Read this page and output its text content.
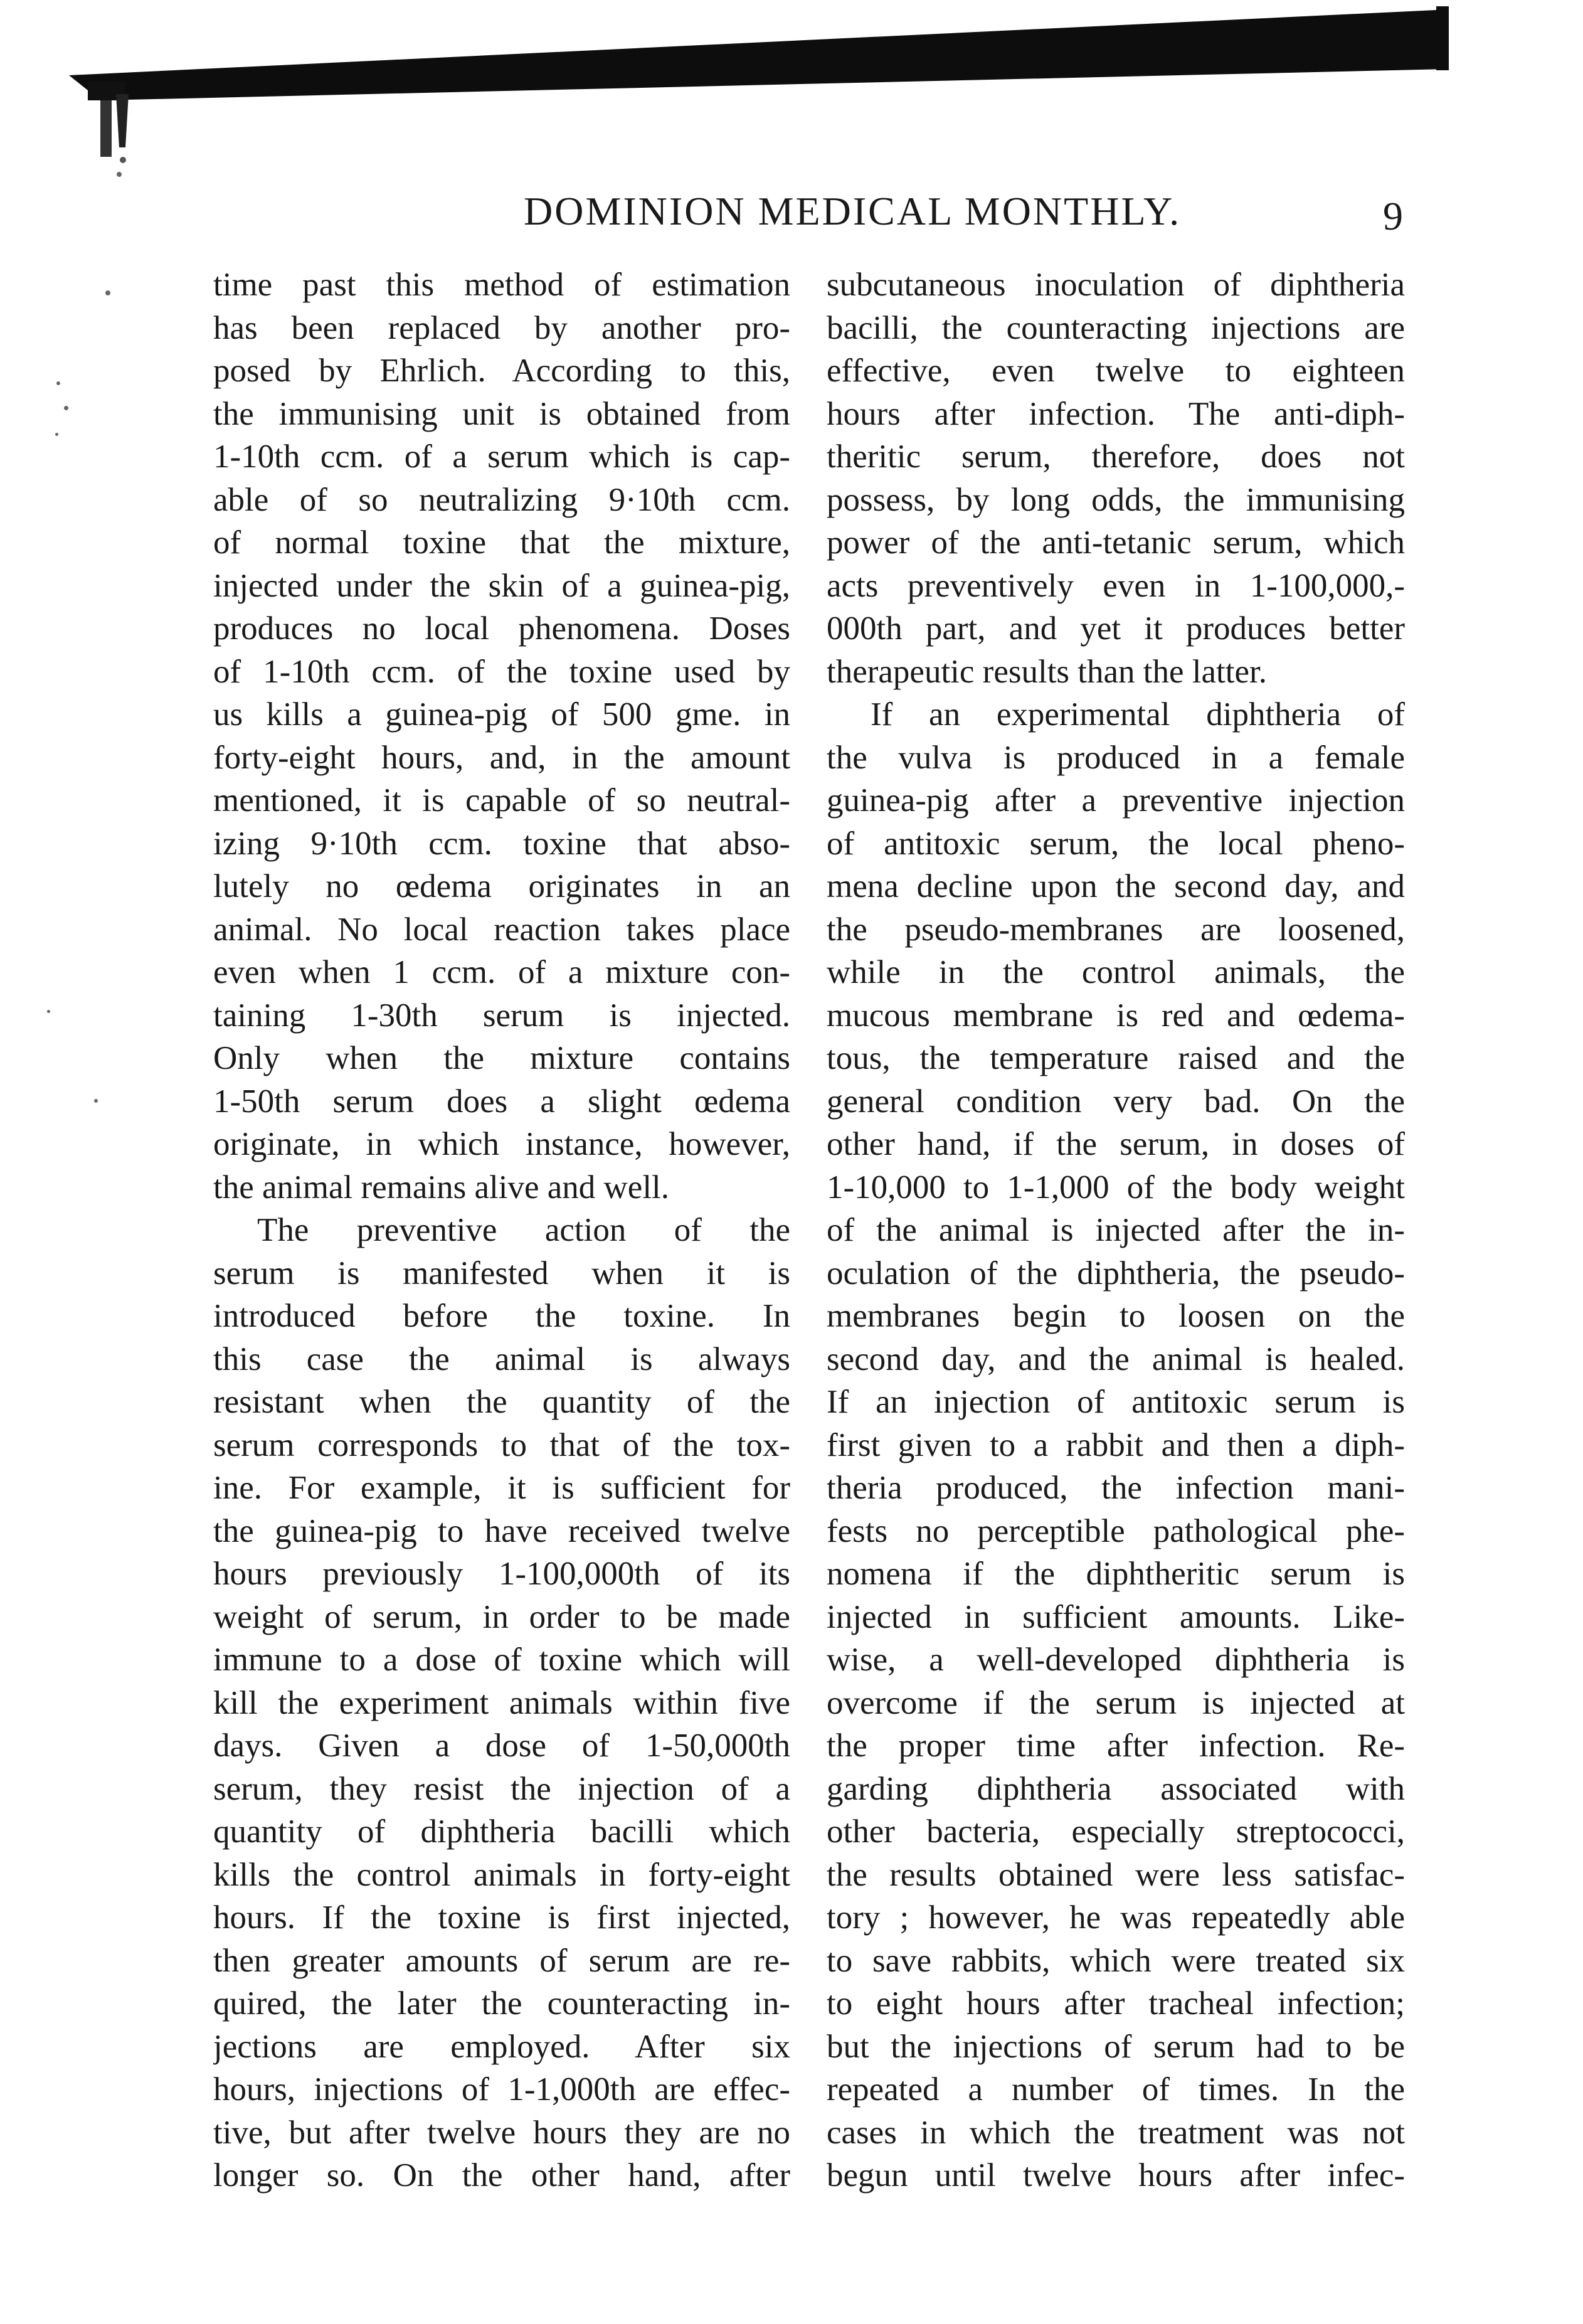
DOMINION MEDICAL MONTHLY.	9
time past this method of estimation
has been replaced by another pro-
posed by Ehrlich. According to this,
the immunising unit is obtained from
1-10th ccm. of a serum which is cap-
able of so neutralizing 9·10th ccm.
of normal toxine that the mixture,
injected under the skin of a guinea-pig,
produces no local phenomena. Doses
of 1-10th ccm. of the toxine used by
us kills a guinea-pig of 500 gme. in
forty-eight hours, and, in the amount
mentioned, it is capable of so neutral-
izing 9·10th ccm. toxine that abso-
lutely no œdema originates in an
animal. No local reaction takes place
even when 1 ccm. of a mixture con-
taining 1-30th serum is injected.
Only when the mixture contains
1-50th serum does a slight œdema
originate, in which instance, however,
the animal remains alive and well.
The preventive action of the
serum is manifested when it is
introduced before the toxine. In
this case the animal is always
resistant when the quantity of the
serum corresponds to that of the tox-
ine. For example, it is sufficient for
the guinea-pig to have received twelve
hours previously 1-100,000th of its
weight of serum, in order to be made
immune to a dose of toxine which will
kill the experiment animals within five
days. Given a dose of 1-50,000th
serum, they resist the injection of a
quantity of diphtheria bacilli which
kills the control animals in forty-eight
hours. If the toxine is first injected,
then greater amounts of serum are re-
quired, the later the counteracting in-
jections are employed. After six
hours, injections of 1-1,000th are effec-
tive, but after twelve hours they are no
longer so. On the other hand, after
subcutaneous inoculation of diphtheria
bacilli, the counteracting injections are
effective, even twelve to eighteen
hours after infection. The anti-diph-
theritic serum, therefore, does not
possess, by long odds, the immunising
power of the anti-tetanic serum, which
acts preventively even in 1-100,000,-
000th part, and yet it produces better
therapeutic results than the latter.
If an experimental diphtheria of
the vulva is produced in a female
guinea-pig after a preventive injection
of antitoxic serum, the local pheno-
mena decline upon the second day, and
the pseudo-membranes are loosened,
while in the control animals, the
mucous membrane is red and œdema-
tous, the temperature raised and the
general condition very bad. On the
other hand, if the serum, in doses of
1-10,000 to 1-1,000 of the body weight
of the animal is injected after the in-
oculation of the diphtheria, the pseudo-
membranes begin to loosen on the
second day, and the animal is healed.
If an injection of antitoxic serum is
first given to a rabbit and then a diph-
theria produced, the infection mani-
fests no perceptible pathological phe-
nomena if the diphtheritic serum is
injected in sufficient amounts. Like-
wise, a well-developed diphtheria is
overcome if the serum is injected at
the proper time after infection. Re-
garding diphtheria associated with
other bacteria, especially streptococci,
the results obtained were less satisfac-
tory ; however, he was repeatedly able
to save rabbits, which were treated six
to eight hours after tracheal infection;
but the injections of serum had to be
repeated a number of times. In the
cases in which the treatment was not
begun until twelve hours after infec-
